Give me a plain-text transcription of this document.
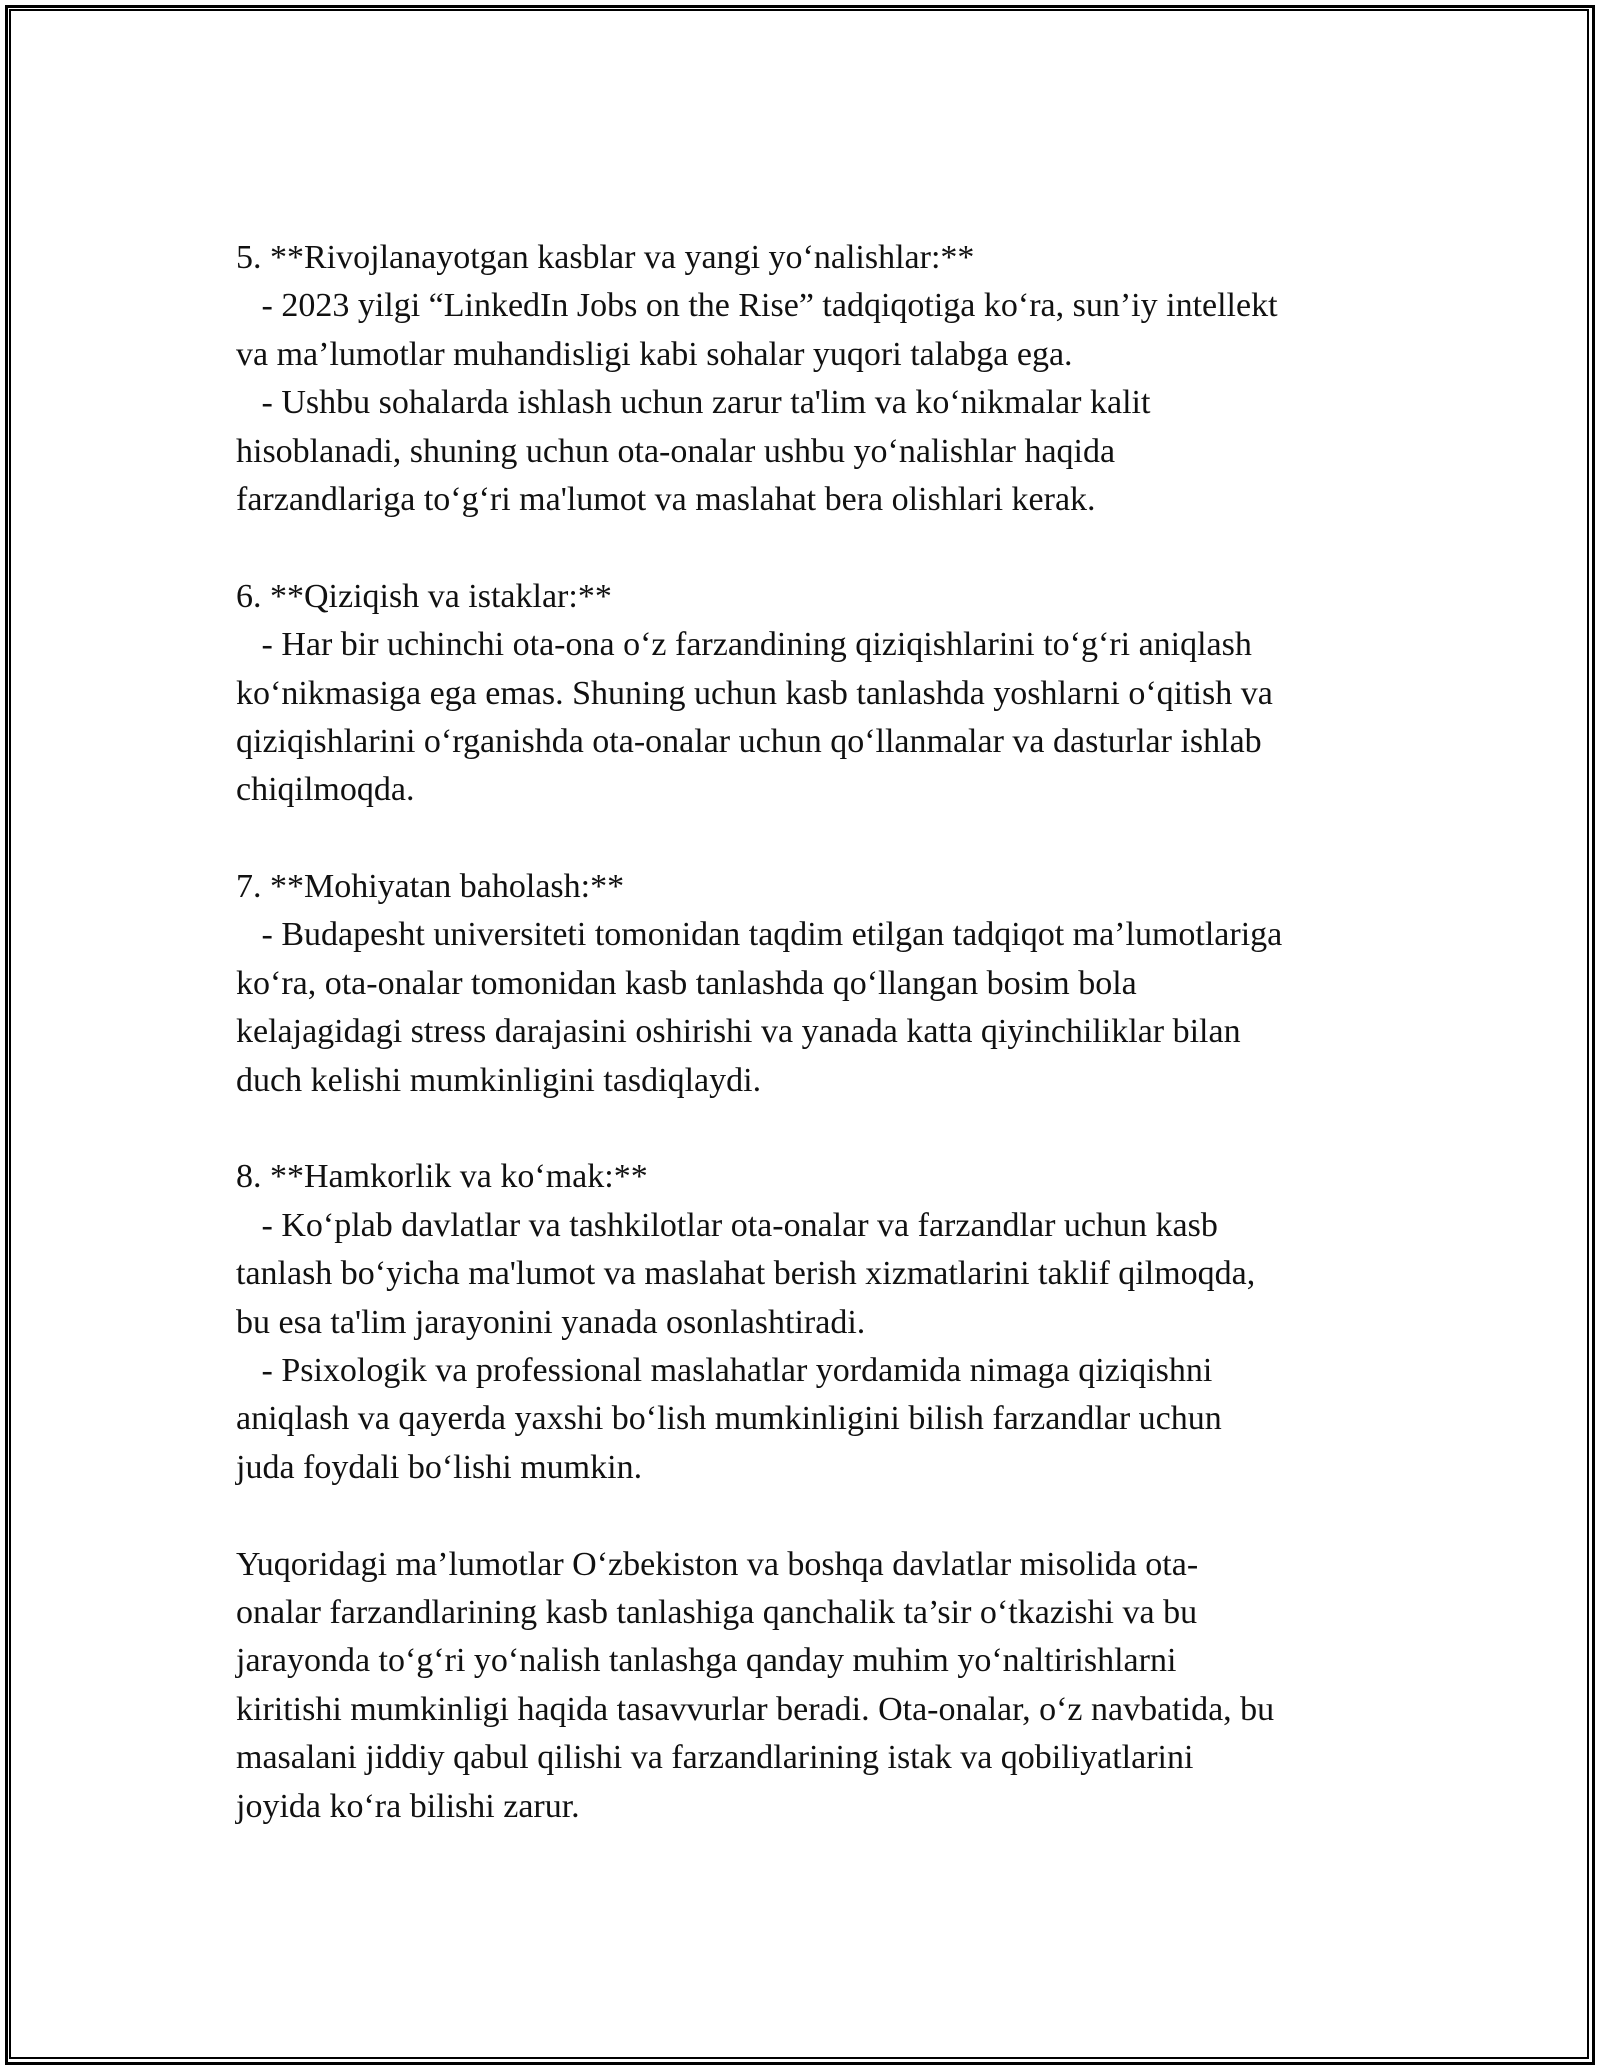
5. **Rivojlanayotgan kasblar va yangi yo‘nalishlar:**
- 2023 yilgi “LinkedIn Jobs on the Rise” tadqiqotiga ko‘ra, sun’iy intellekt
va ma’lumotlar muhandisligi kabi sohalar yuqori talabga ega.
- Ushbu sohalarda ishlash uchun zarur ta'lim va ko‘nikmalar kalit
hisoblanadi, shuning uchun ota-onalar ushbu yo‘nalishlar haqida
farzandlariga to‘g‘ri ma'lumot va maslahat bera olishlari kerak.
6. **Qiziqish va istaklar:**
- Har bir uchinchi ota-ona o‘z farzandining qiziqishlarini to‘g‘ri aniqlash
ko‘nikmasiga ega emas. Shuning uchun kasb tanlashda yoshlarni o‘qitish va
qiziqishlarini o‘rganishda ota-onalar uchun qo‘llanmalar va dasturlar ishlab
chiqilmoqda.
7. **Mohiyatan baholash:**
- Budapesht universiteti tomonidan taqdim etilgan tadqiqot ma’lumotlariga
ko‘ra, ota-onalar tomonidan kasb tanlashda qo‘llangan bosim bola
kelajagidagi stress darajasini oshirishi va yanada katta qiyinchiliklar bilan
duch kelishi mumkinligini tasdiqlaydi.
8. **Hamkorlik va ko‘mak:**
- Ko‘plab davlatlar va tashkilotlar ota-onalar va farzandlar uchun kasb
tanlash bo‘yicha ma'lumot va maslahat berish xizmatlarini taklif qilmoqda,
bu esa ta'lim jarayonini yanada osonlashtiradi.
- Psixologik va professional maslahatlar yordamida nimaga qiziqishni
aniqlash va qayerda yaxshi bo‘lish mumkinligini bilish farzandlar uchun
juda foydali bo‘lishi mumkin.
Yuqoridagi ma’lumotlar O‘zbekiston va boshqa davlatlar misolida ota-
onalar farzandlarining kasb tanlashiga qanchalik ta’sir o‘tkazishi va bu
jarayonda to‘g‘ri yo‘nalish tanlashga qanday muhim yo‘naltirishlarni
kiritishi mumkinligi haqida tasavvurlar beradi. Ota-onalar, o‘z navbatida, bu
masalani jiddiy qabul qilishi va farzandlarining istak va qobiliyatlarini
joyida ko‘ra bilishi zarur.
